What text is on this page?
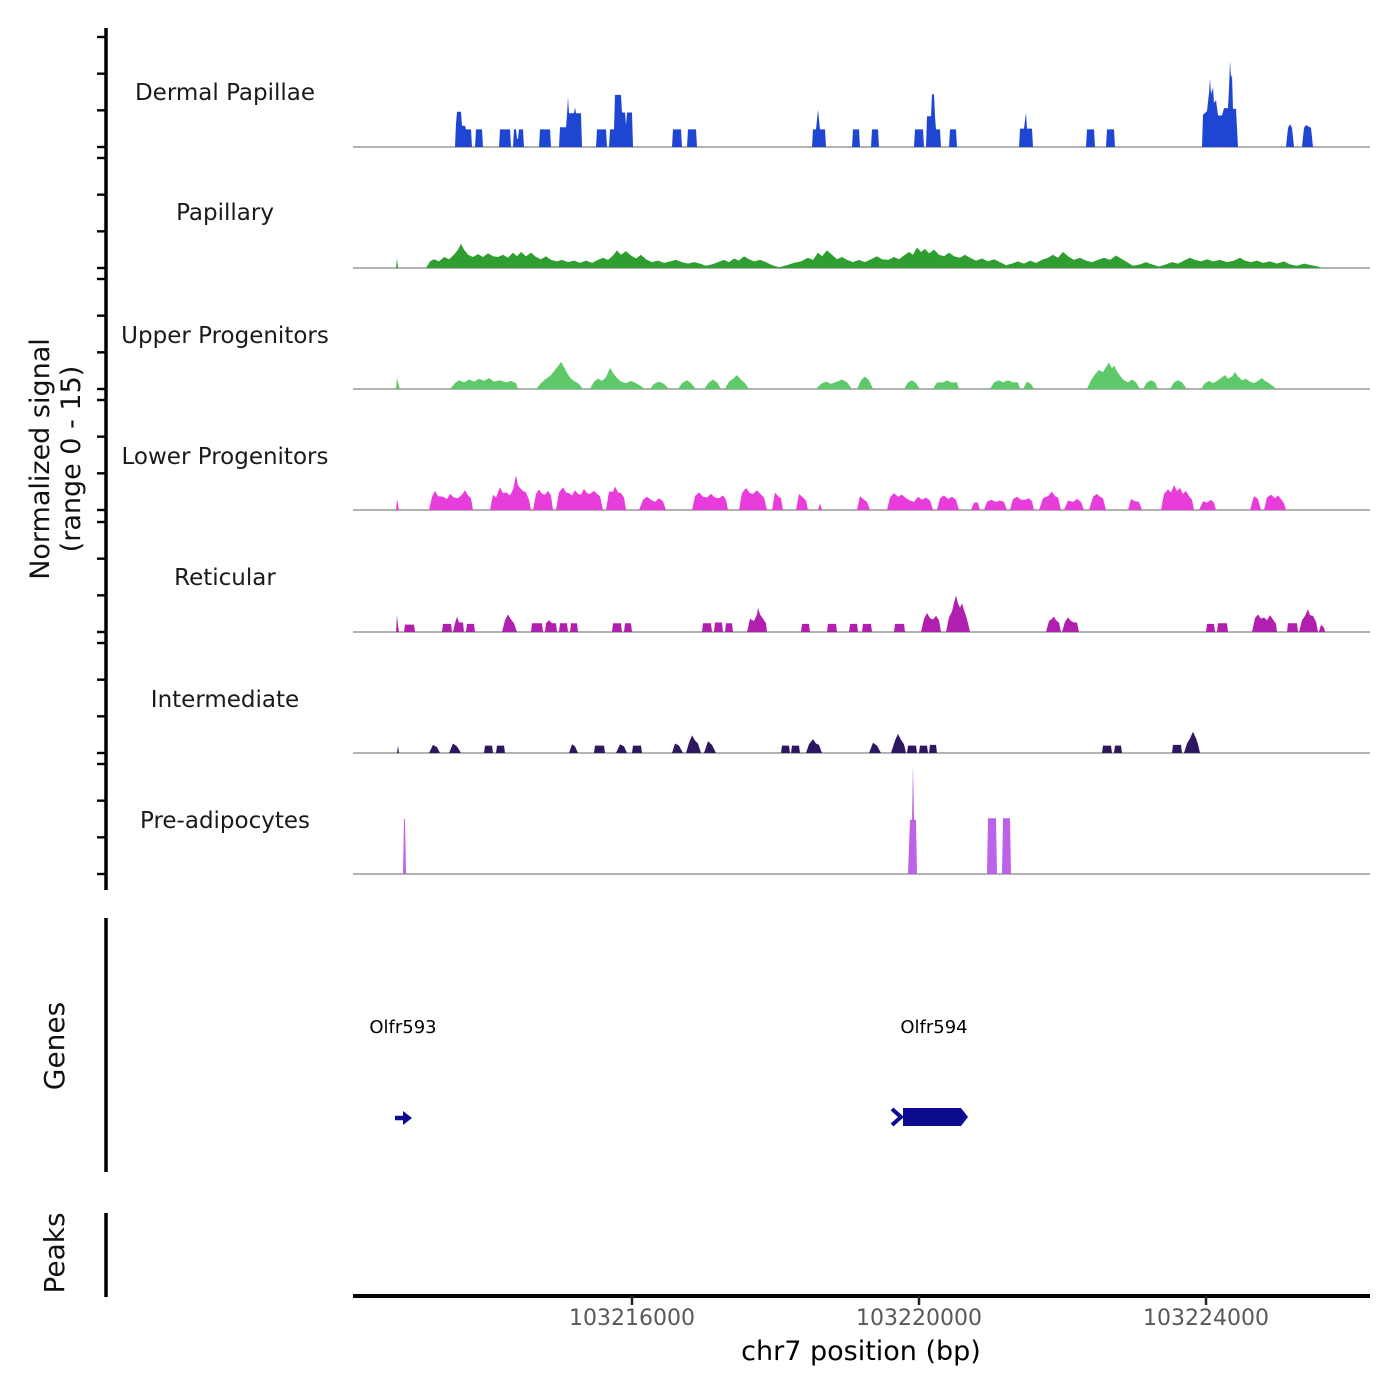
Normalized signal (range 0 - 15)
Dermal Papillae
Papillary
Upper Progenitors
Lower Progenitors
Reticular
Intermediate
Pre-adipocytes
Genes
Peaks
Olfr593	Olfr594
103216000	103220000	103224000
chr7 position (bp)
